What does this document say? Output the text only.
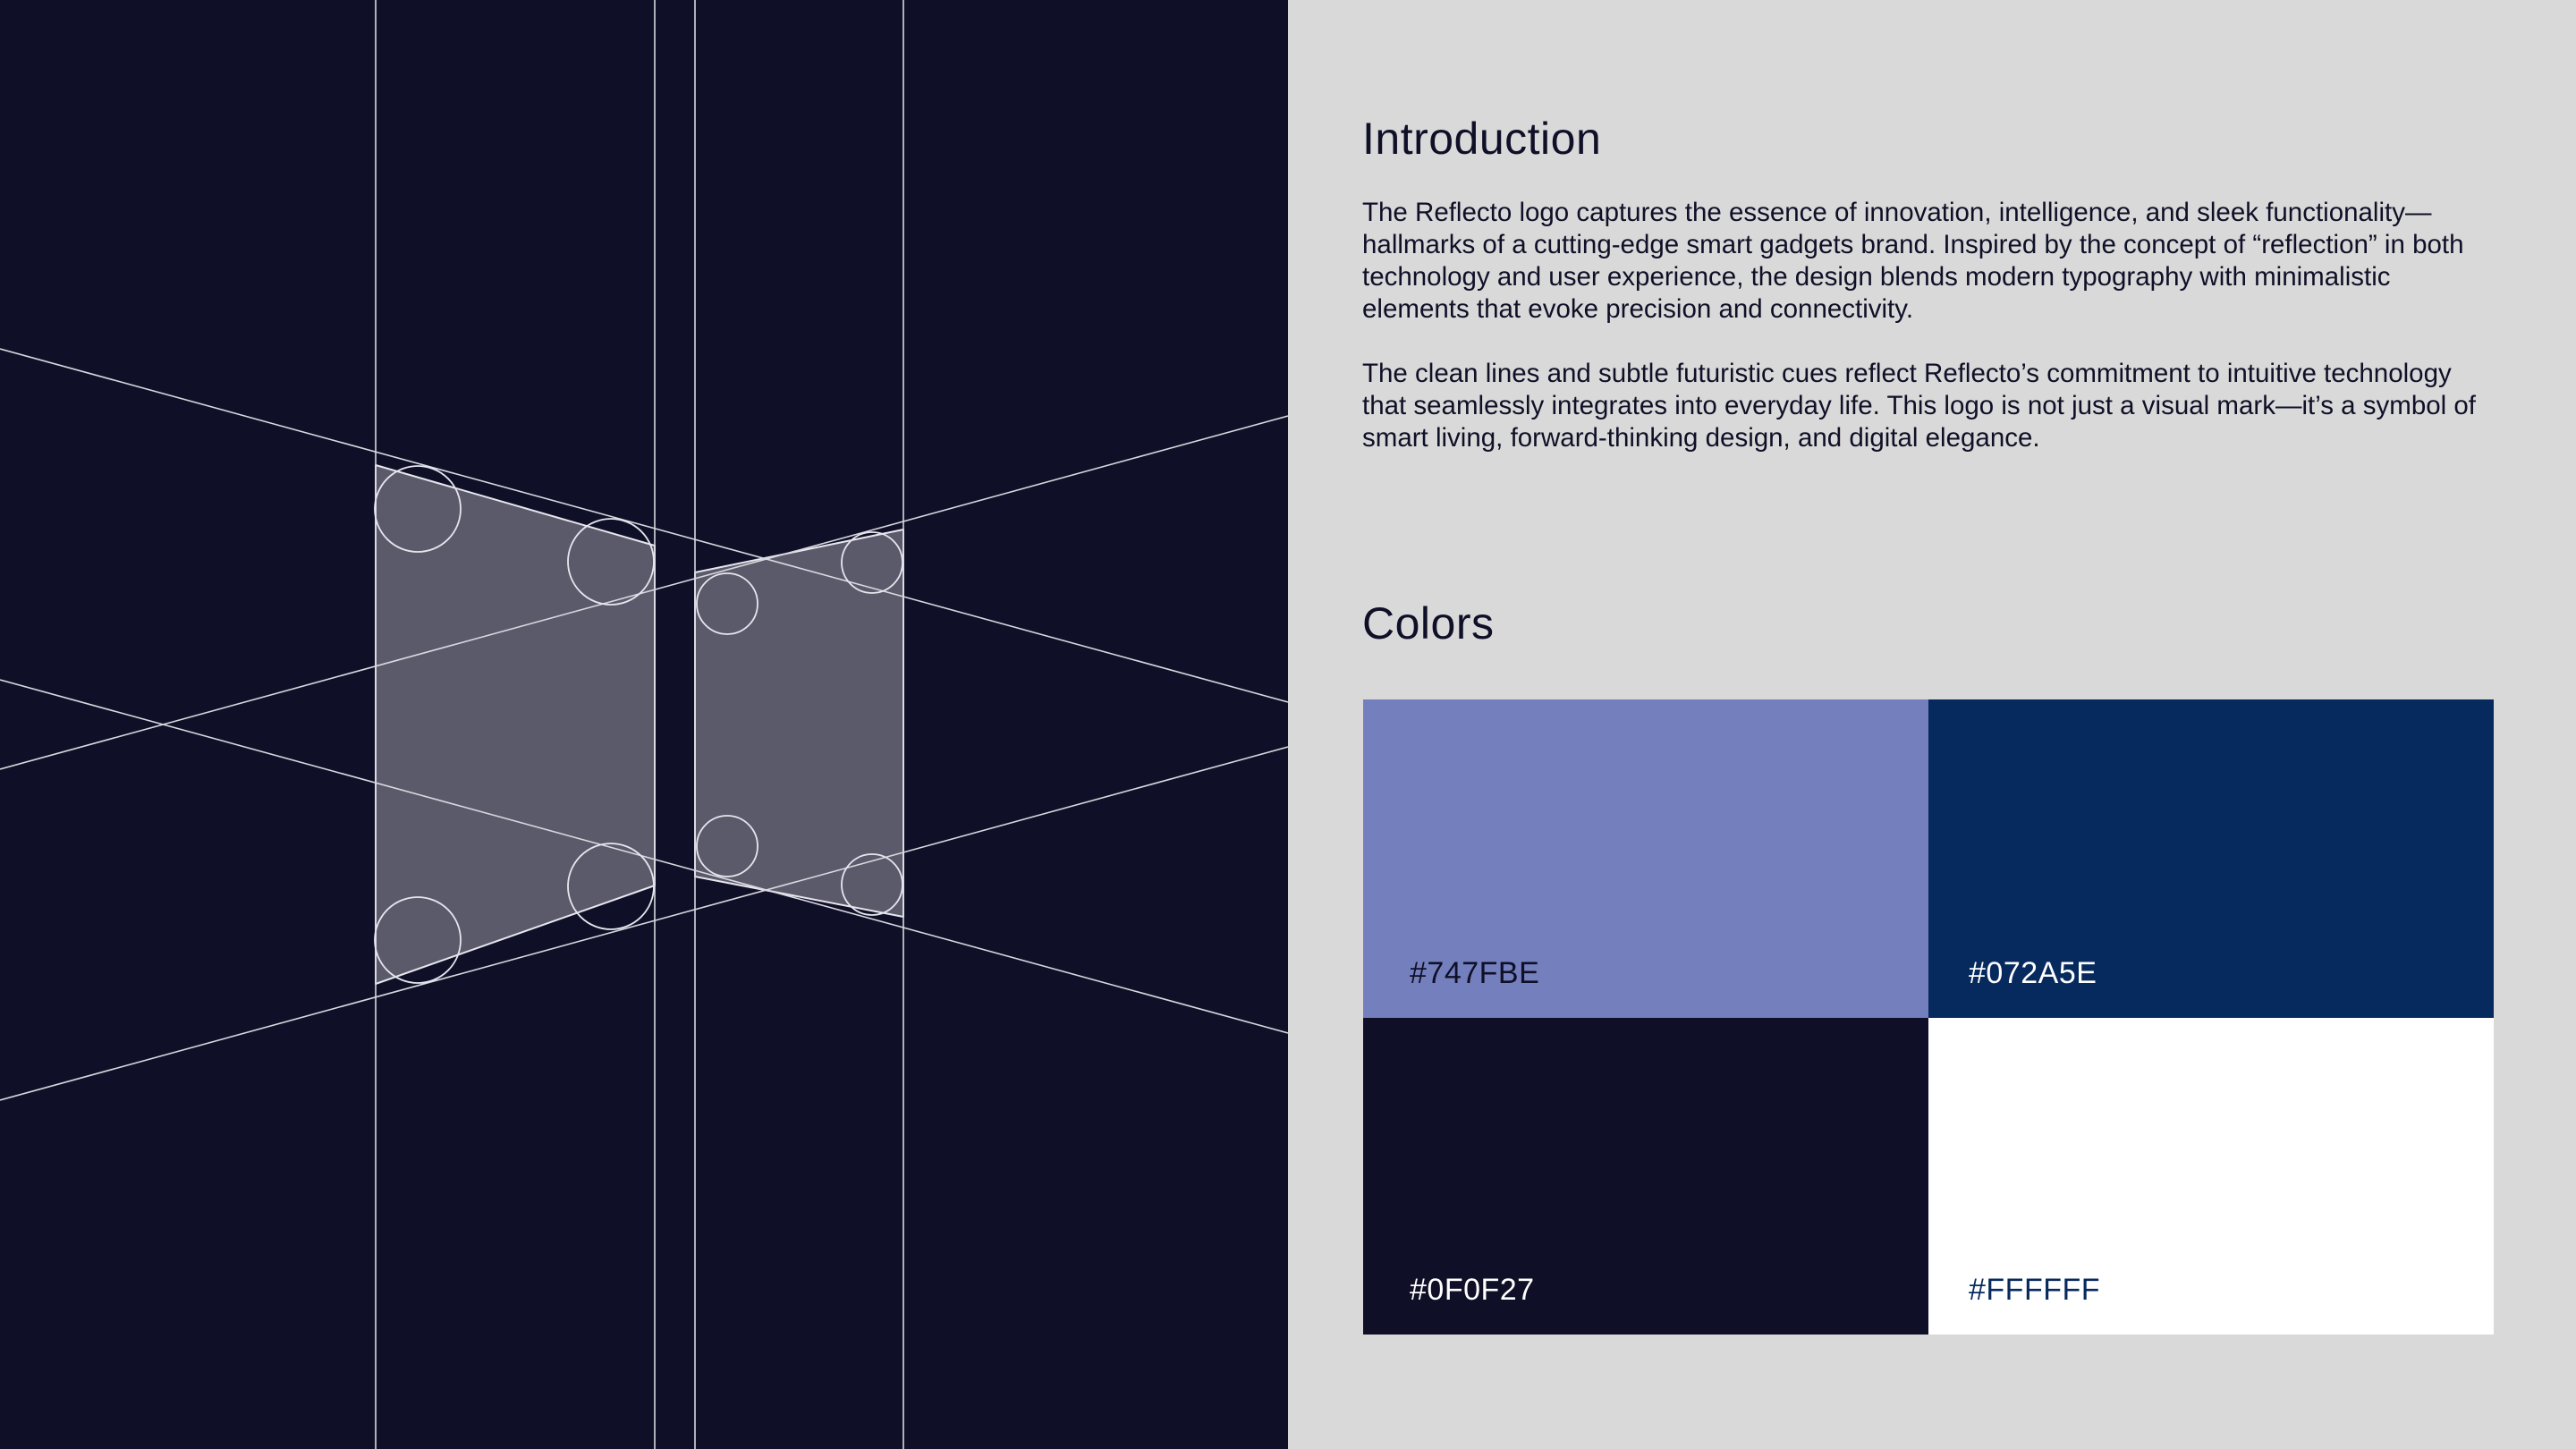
Introduction

The Reflecto logo captures the essence of innovation, intelligence, and sleek functionality—hallmarks of a cutting-edge smart gadgets brand. Inspired by the concept of “reflection” in both technology and user experience, the design blends modern typography with minimalistic elements that evoke precision and connectivity.

The clean lines and subtle futuristic cues reflect Reflecto’s commitment to intuitive technology that seamlessly integrates into everyday life. This logo is not just a visual mark—it’s a symbol of smart living, forward-thinking design, and digital elegance.

Colors
#747FBE	#072A5E
#0F0F27	#FFFFFF
